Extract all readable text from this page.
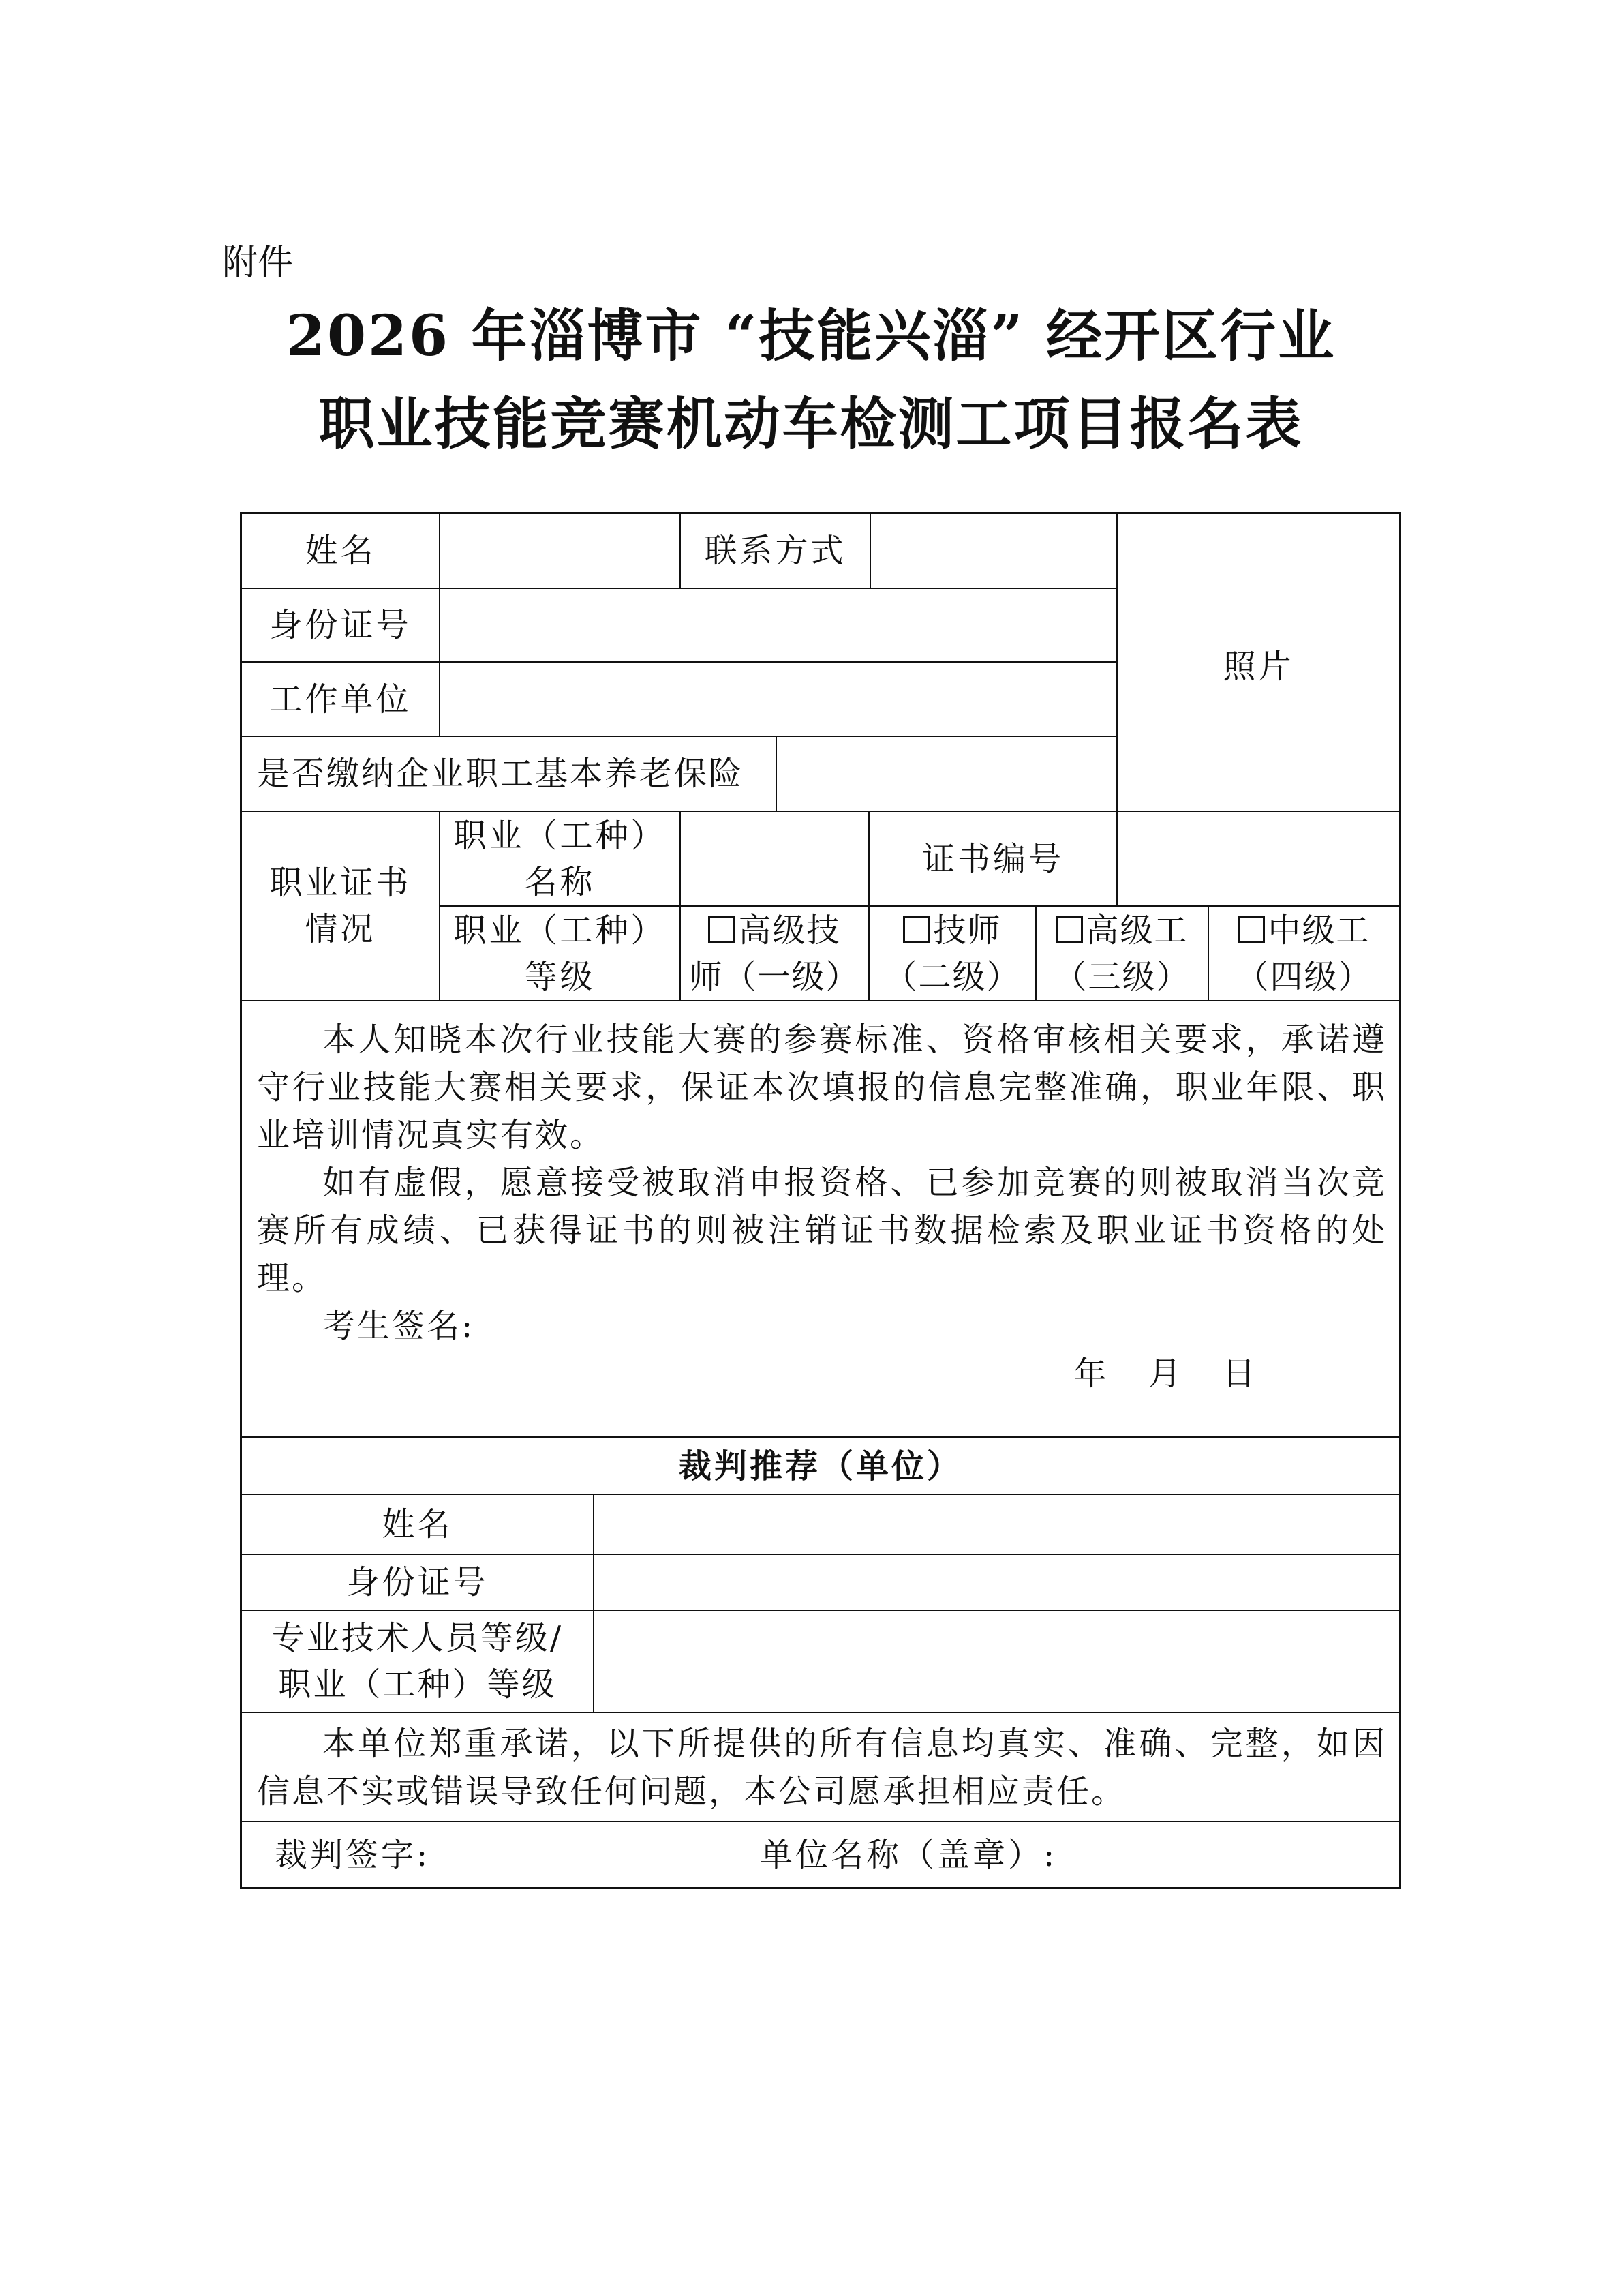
附件
2026 年淄博市 “技能兴淄” 经开区行业
职业技能竞赛机动车检测工项目报名表
姓名	联系方式
照片
身份证号
工作单位
是否缴纳企业职工基本养老保险
职业证书
情况
职业（工种）
名称
证书编号
职业（工种）
等级
高级技
师（一级）
技师
（二级）
高级工
（三级）
中级工
（四级）

本人知晓本次行业技能大赛的参赛标准、资格审核相关要求，承诺遵守行业技能大赛相关要求，保证本次填报的信息完整准确，职业年限、职业培训情况真实有效。

如有虚假，愿意接受被取消申报资格、已参加竞赛的则被取消当次竞赛所有成绩、已获得证书的则被注销证书数据检索及职业证书资格的处理。

考生签名:
年 月 日
裁判推荐（单位）
姓名
身份证号
专业技术人员等级/
职业（工种）等级

本单位郑重承诺，以下所提供的所有信息均真实、准确、完整，如因信息不实或错误导致任何问题，本公司愿承担相应责任。

裁判签字:	单位名称（盖章）:
